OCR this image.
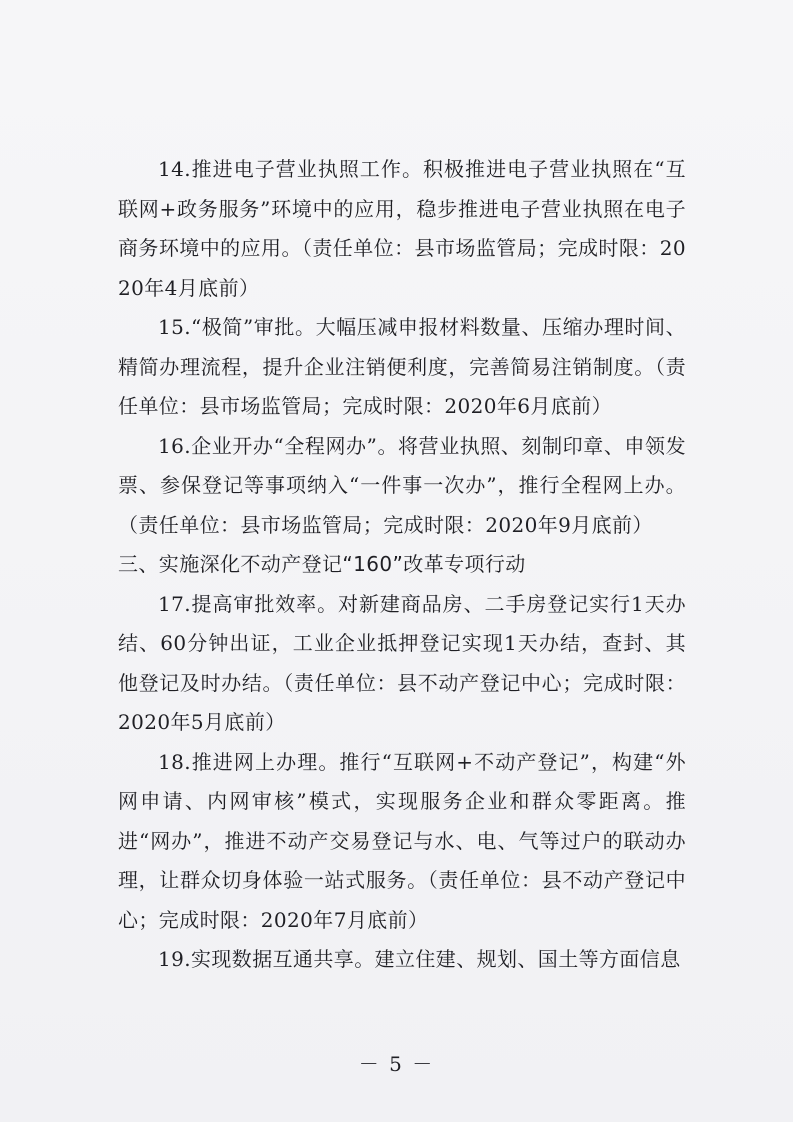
14.推进电子营业执照工作。积极推进电子营业执照在“互联网+政务服务”环境中的应用，稳步推进电子营业执照在电子商务环境中的应用。（责任单位：县市场监管局；完成时限：2020年4月底前）

15.“极简”审批。大幅压减申报材料数量、压缩办理时间、精简办理流程，提升企业注销便利度，完善简易注销制度。（责任单位：县市场监管局；完成时限：2020年6月底前）

16.企业开办“全程网办”。将营业执照、刻制印章、申领发票、参保登记等事项纳入“一件事一次办”，推行全程网上办。（责任单位：县市场监管局；完成时限：2020年9月底前）

三、实施深化不动产登记“160”改革专项行动

17.提高审批效率。对新建商品房、二手房登记实行1天办结、60分钟出证，工业企业抵押登记实现1天办结，查封、其他登记及时办结。（责任单位：县不动产登记中心；完成时限：2020年5月底前）

18.推进网上办理。推行“互联网+不动产登记”，构建“外网申请、内网审核”模式，实现服务企业和群众零距离。推进“网办”，推进不动产交易登记与水、电、气等过户的联动办理，让群众切身体验一站式服务。（责任单位：县不动产登记中心；完成时限：2020年7月底前）

19.实现数据互通共享。建立住建、规划、国土等方面信息

－ 5 －
